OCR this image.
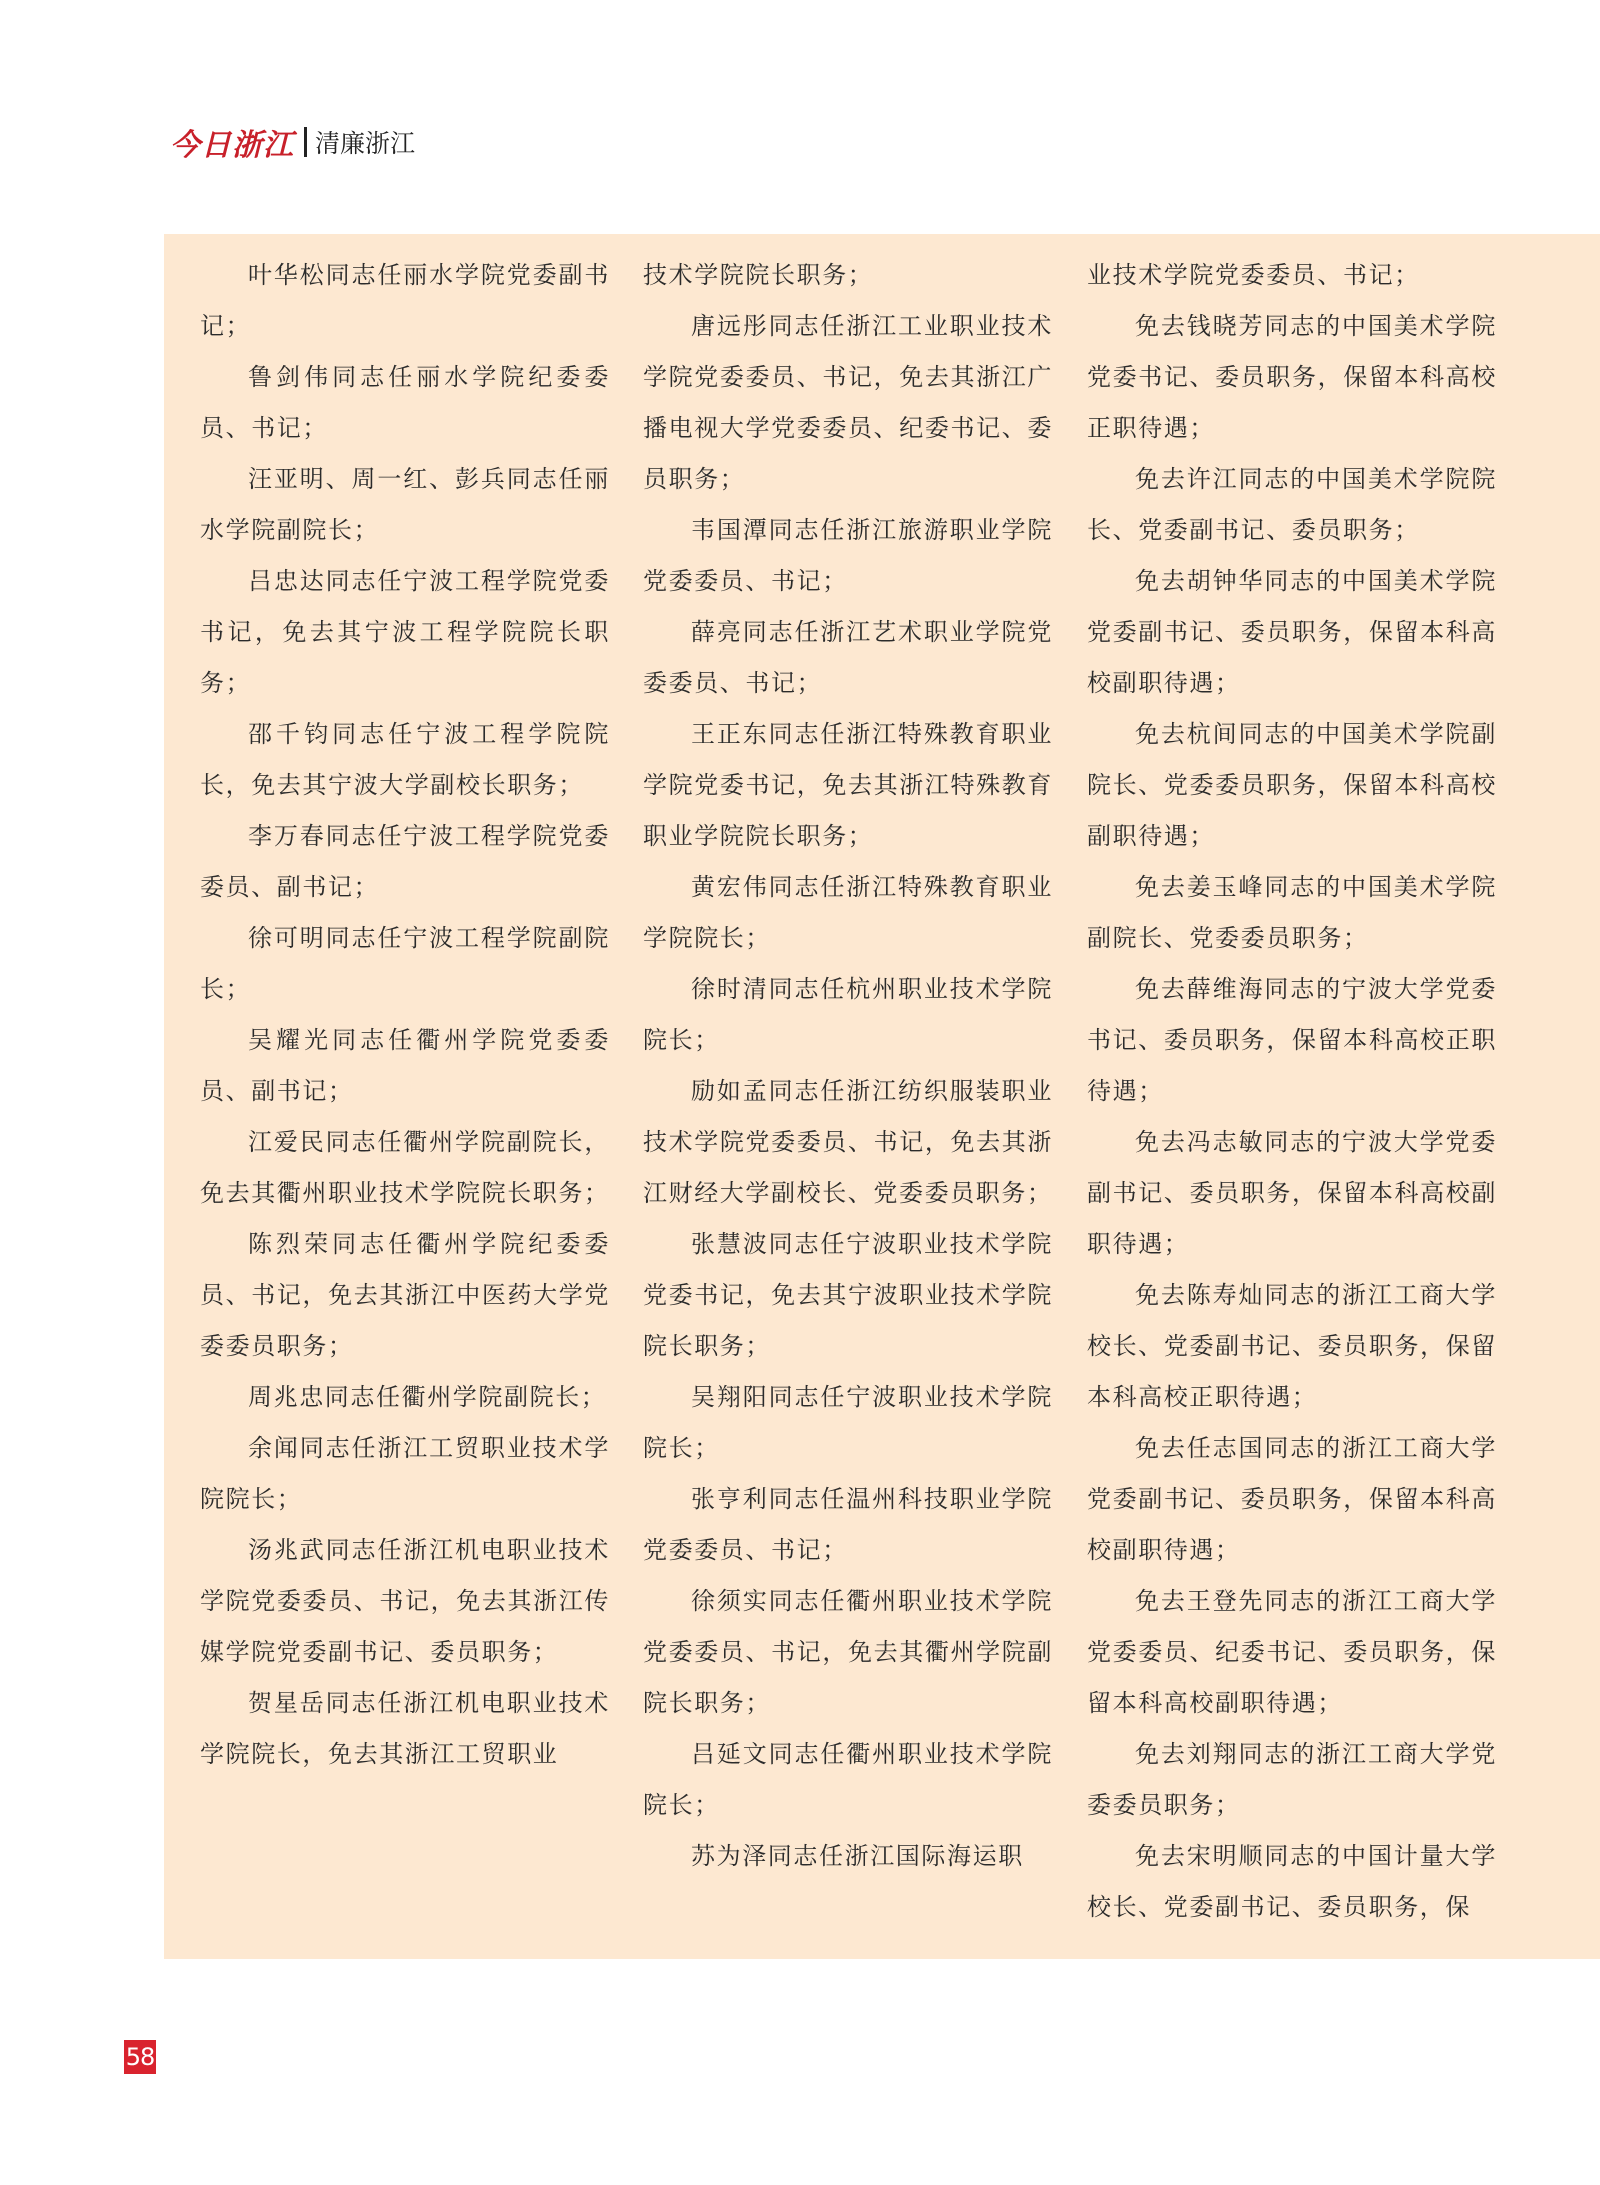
今日浙江 清廉浙江

叶华松同志任丽水学院党委副书记；

鲁剑伟同志任丽水学院纪委委员、书记；

汪亚明、周一红、彭兵同志任丽水学院副院长；

吕忠达同志任宁波工程学院党委书记，免去其宁波工程学院院长职务；

邵千钧同志任宁波工程学院院长，免去其宁波大学副校长职务；

李万春同志任宁波工程学院党委委员、副书记；

徐可明同志任宁波工程学院副院长；

吴耀光同志任衢州学院党委委员、副书记；

江爱民同志任衢州学院副院长，免去其衢州职业技术学院院长职务；

陈烈荣同志任衢州学院纪委委员、书记，免去其浙江中医药大学党委委员职务；

周兆忠同志任衢州学院副院长；

余闻同志任浙江工贸职业技术学院院长；

汤兆武同志任浙江机电职业技术学院党委委员、书记，免去其浙江传媒学院党委副书记、委员职务；

贺星岳同志任浙江机电职业技术学院院长，免去其浙江工贸职业

技术学院院长职务；

唐远彤同志任浙江工业职业技术学院党委委员、书记，免去其浙江广播电视大学党委委员、纪委书记、委员职务；

韦国潭同志任浙江旅游职业学院党委委员、书记；

薛亮同志任浙江艺术职业学院党委委员、书记；

王正东同志任浙江特殊教育职业学院党委书记，免去其浙江特殊教育职业学院院长职务；

黄宏伟同志任浙江特殊教育职业学院院长；

徐时清同志任杭州职业技术学院院长；

励如孟同志任浙江纺织服装职业技术学院党委委员、书记，免去其浙江财经大学副校长、党委委员职务；

张慧波同志任宁波职业技术学院党委书记，免去其宁波职业技术学院院长职务；

吴翔阳同志任宁波职业技术学院院长；

张亨利同志任温州科技职业学院党委委员、书记；

徐须实同志任衢州职业技术学院党委委员、书记，免去其衢州学院副院长职务；

吕延文同志任衢州职业技术学院院长；

苏为泽同志任浙江国际海运职

业技术学院党委委员、书记；

免去钱晓芳同志的中国美术学院党委书记、委员职务，保留本科高校正职待遇；

免去许江同志的中国美术学院院长、党委副书记、委员职务；

免去胡钟华同志的中国美术学院党委副书记、委员职务，保留本科高校副职待遇；

免去杭间同志的中国美术学院副院长、党委委员职务，保留本科高校副职待遇；

免去姜玉峰同志的中国美术学院副院长、党委委员职务；

免去薛维海同志的宁波大学党委书记、委员职务，保留本科高校正职待遇；

免去冯志敏同志的宁波大学党委副书记、委员职务，保留本科高校副职待遇；

免去陈寿灿同志的浙江工商大学校长、党委副书记、委员职务，保留本科高校正职待遇；

免去任志国同志的浙江工商大学党委副书记、委员职务，保留本科高校副职待遇；

免去王登先同志的浙江工商大学党委委员、纪委书记、委员职务，保留本科高校副职待遇；

免去刘翔同志的浙江工商大学党委委员职务；

免去宋明顺同志的中国计量大学校长、党委副书记、委员职务，保

58
